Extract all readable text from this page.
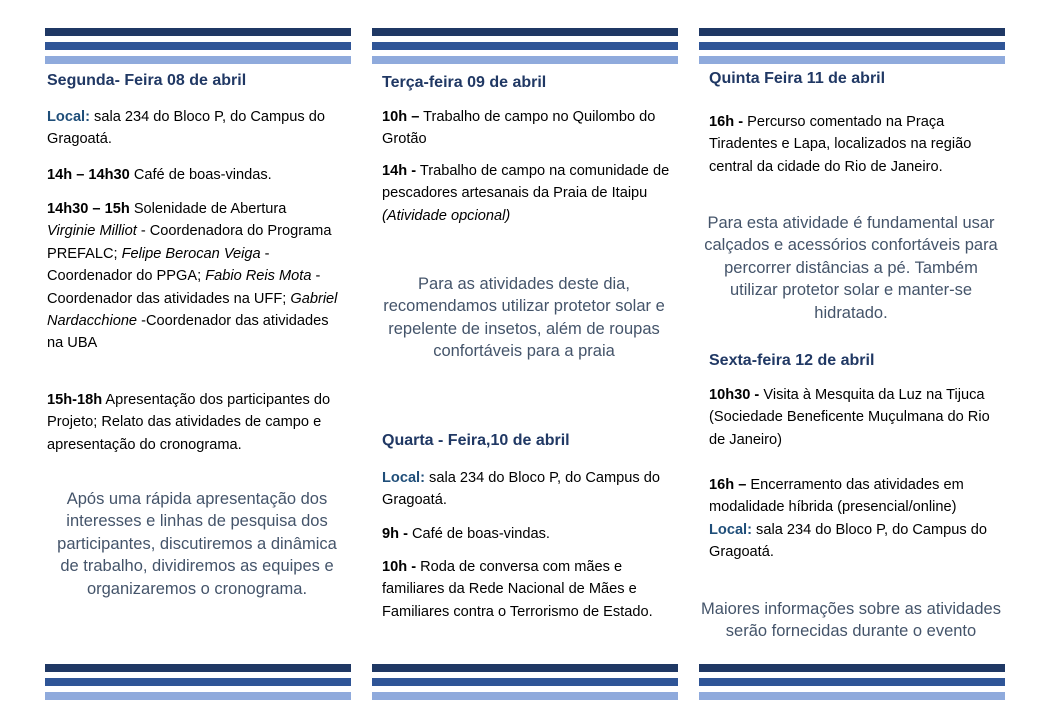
Segunda- Feira 08 de abril

Local: sala 234 do Bloco P, do Campus do Gragoatá.

14h – 14h30 Café de boas-vindas.

14h30 – 15h Solenidade de Abertura
Virginie Milliot - Coordenadora do Programa PREFALC; Felipe Berocan Veiga - Coordenador do PPGA; Fabio Reis Mota - Coordenador das atividades na UFF; Gabriel Nardacchione -Coordenador das atividades na UBA

15h-18h Apresentação dos participantes do Projeto; Relato das atividades de campo e apresentação do cronograma.

Após uma rápida apresentação dos interesses e linhas de pesquisa dos participantes, discutiremos a dinâmica de trabalho, dividiremos as equipes e organizaremos o cronograma.

Terça-feira 09 de abril

10h – Trabalho de campo no Quilombo do Grotão

14h - Trabalho de campo na comunidade de pescadores artesanais da Praia de Itaipu
(Atividade opcional)

Para as atividades deste dia, recomendamos utilizar protetor solar e repelente de insetos, além de roupas confortáveis para a praia

Quarta - Feira,10 de abril

Local: sala 234 do Bloco P, do Campus do Gragoatá.

9h - Café de boas-vindas.

10h - Roda de conversa com mães e familiares da Rede Nacional de Mães e Familiares contra o Terrorismo de Estado.

Quinta Feira 11 de abril

16h - Percurso comentado na Praça Tiradentes e Lapa, localizados na região central da cidade do Rio de Janeiro.

Para esta atividade é fundamental usar calçados e acessórios confortáveis para percorrer distâncias a pé. Também utilizar protetor solar e manter-se hidratado.

Sexta-feira 12 de abril

10h30 - Visita à Mesquita da Luz na Tijuca (Sociedade Beneficente Muçulmana do Rio de Janeiro)

16h – Encerramento das atividades em modalidade híbrida (presencial/online)
Local: sala 234 do Bloco P, do Campus do Gragoatá.

Maiores informações sobre as atividades serão fornecidas durante o evento
